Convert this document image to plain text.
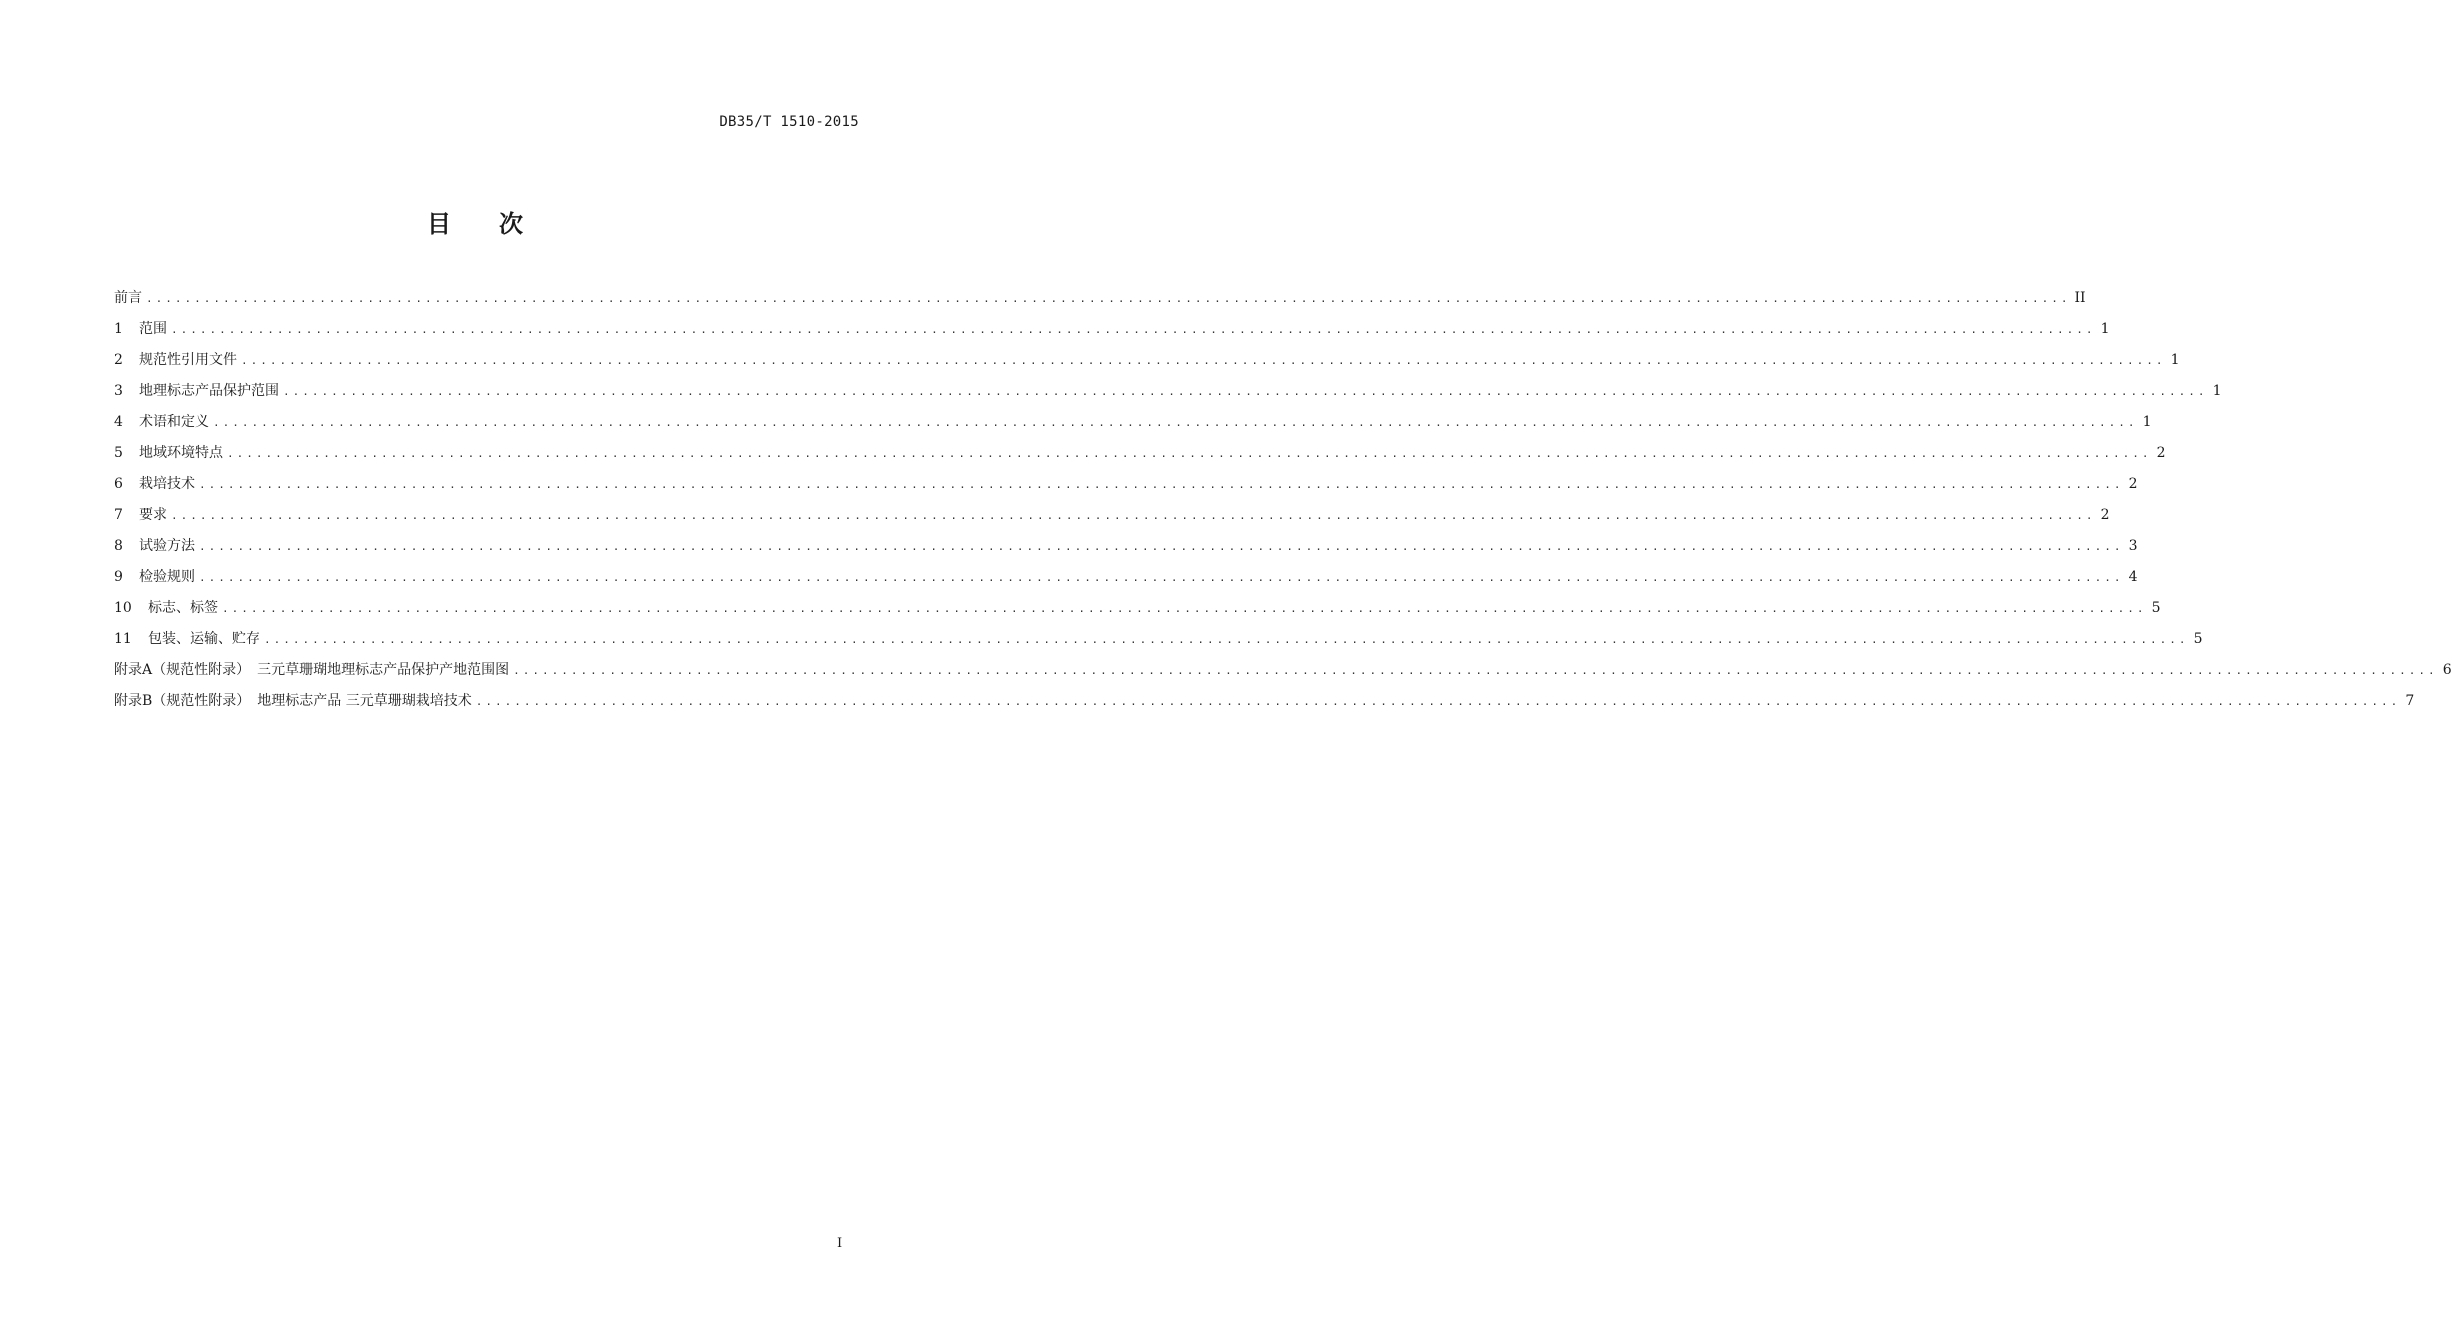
DB35/T 1510-2015
目 次
前言 ........................................................................................................................................................................................................ II
1	范围 ........................................................................................................................................................................................................ 1
2	规范性引用文件 ........................................................................................................................................................................................................ 1
3	地理标志产品保护范围 ........................................................................................................................................................................................................ 1
4	术语和定义 ........................................................................................................................................................................................................ 1
5	地域环境特点 ........................................................................................................................................................................................................ 2
6	栽培技术 ........................................................................................................................................................................................................ 2
7	要求 ........................................................................................................................................................................................................ 2
8	试验方法 ........................................................................................................................................................................................................ 3
9	检验规则 ........................................................................................................................................................................................................ 4
10	标志、标签 ........................................................................................................................................................................................................ 5
11	包装、运输、贮存 ........................................................................................................................................................................................................ 5
附录A（规范性附录）　三元草珊瑚地理标志产品保护产地范围图 ........................................................................................................................................................................................................ 6
附录B（规范性附录）　地理标志产品 三元草珊瑚栽培技术 ........................................................................................................................................................................................................ 7
I
